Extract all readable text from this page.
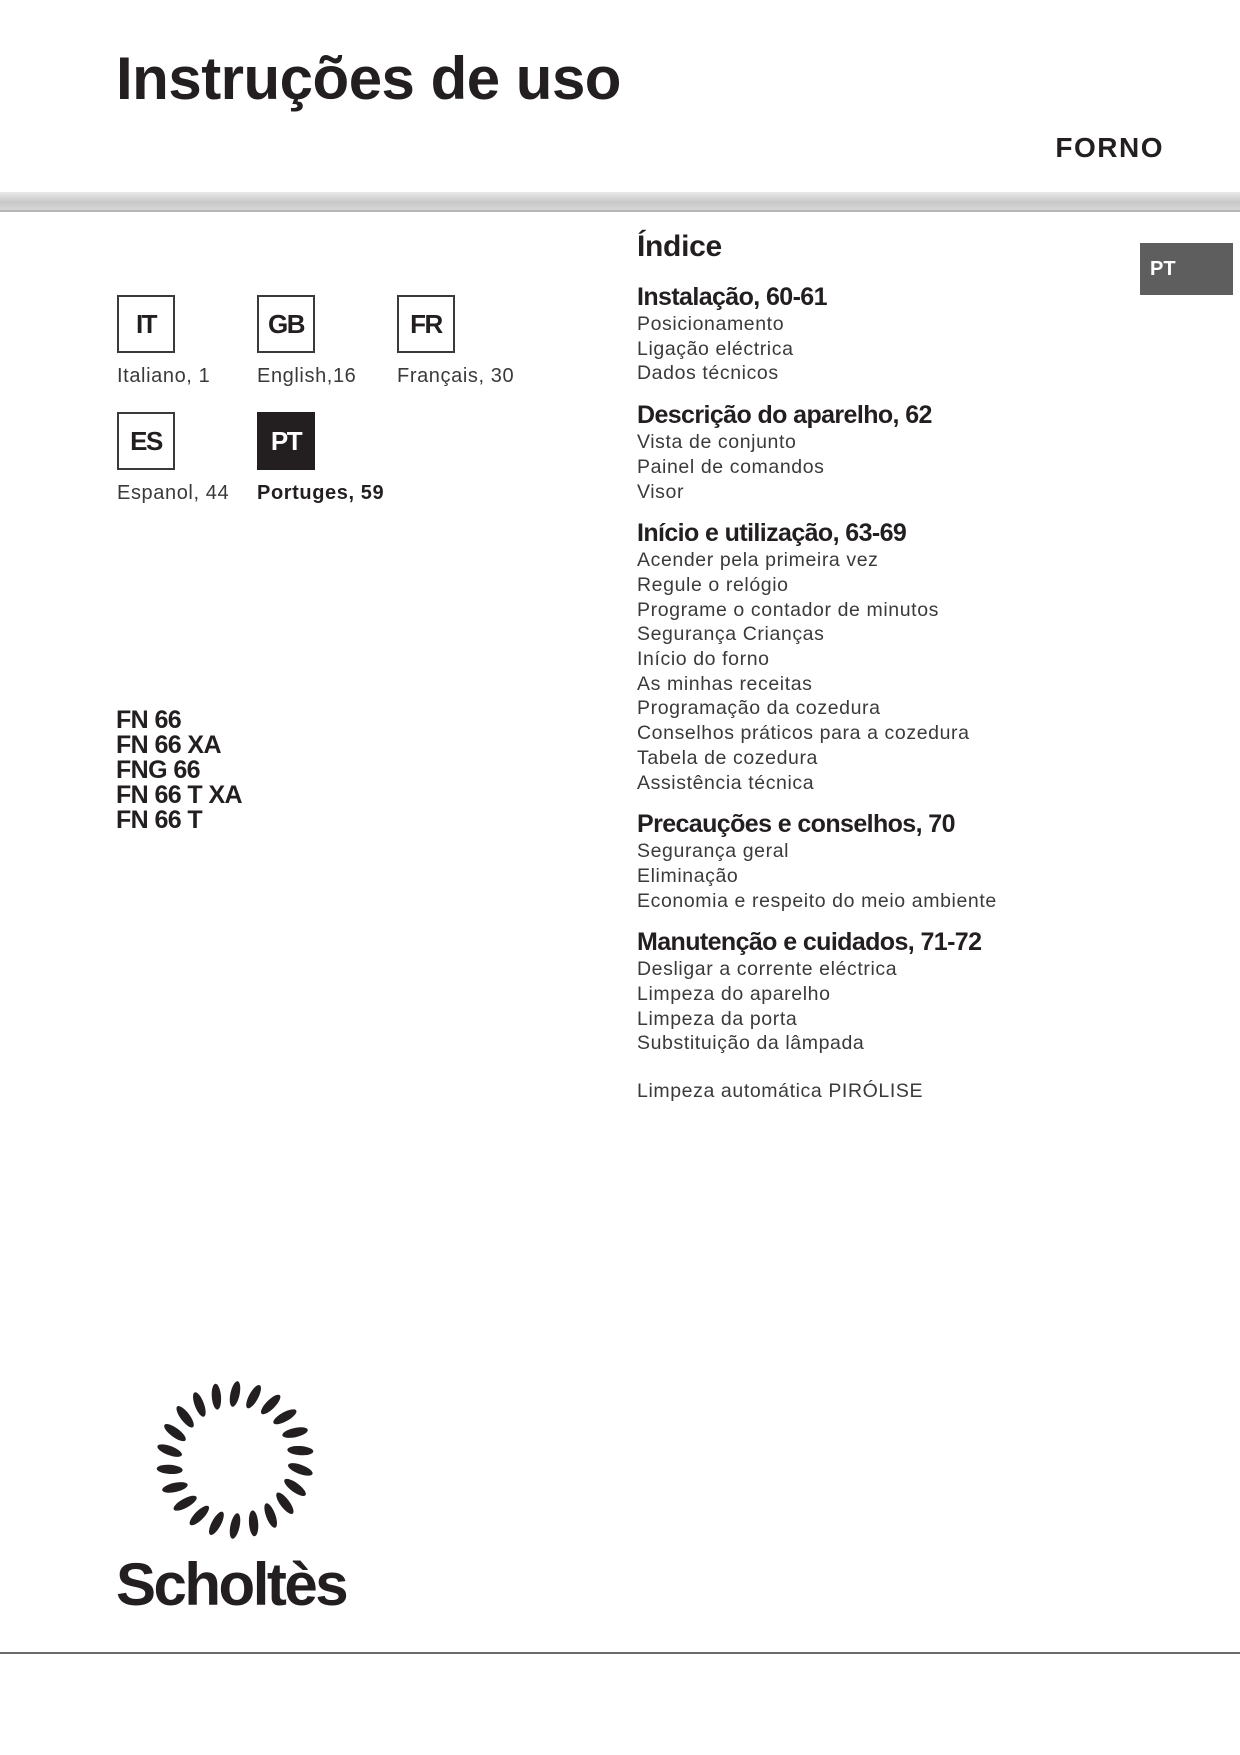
Instruções de uso
FORNO
PT
IT
Italiano, 1
GB
English,16
FR
Français, 30
ES
Espanol, 44
PT
Portuges, 59
FN 66
FN 66 XA
FNG 66
FN 66 T XA
FN 66 T
Índice
Instalação, 60-61
Posicionamento
Ligação eléctrica
Dados técnicos
Descrição do aparelho, 62
Vista de conjunto
Painel de comandos
Visor
Início e utilização, 63-69
Acender pela primeira vez
Regule o relógio
Programe o contador de minutos
Segurança Crianças
Início do forno
As minhas receitas
Programação da cozedura
Conselhos práticos para a cozedura
Tabela de cozedura
Assistência técnica
Precauções e conselhos, 70
Segurança geral
Eliminação
Economia e respeito do meio ambiente
Manutenção e cuidados, 71-72
Desligar a corrente eléctrica
Limpeza do aparelho
Limpeza da porta
Substituição da lâmpada
Limpeza automática PIRÓLISE
Scholtès
